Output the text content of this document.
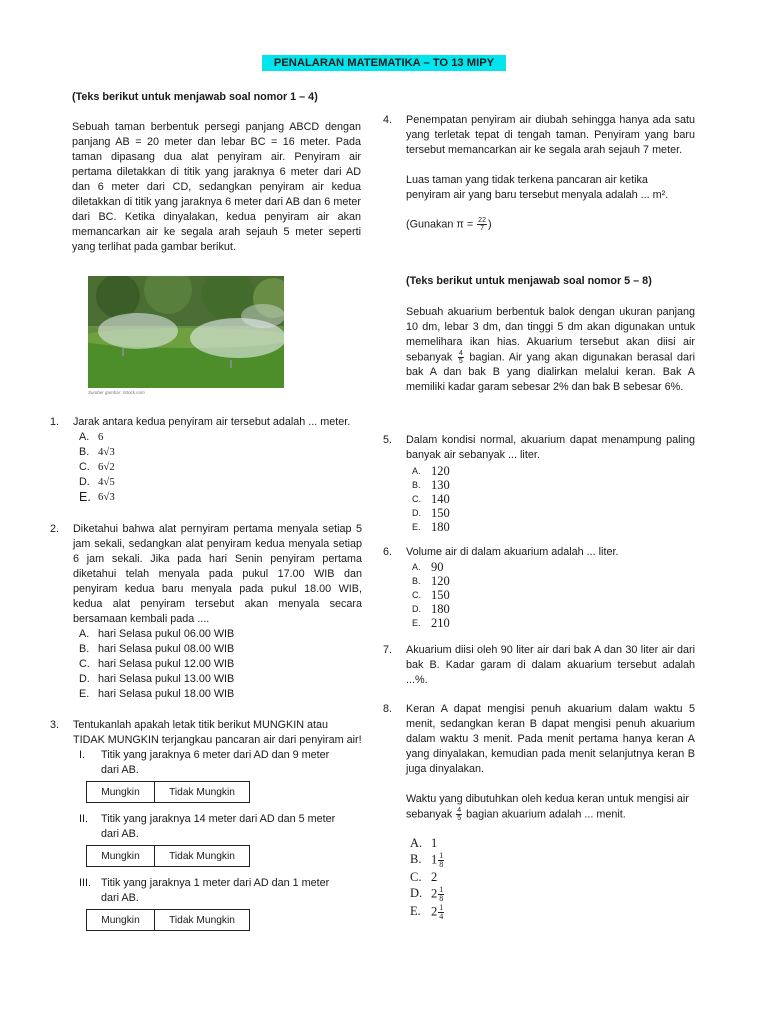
PENALARAN MATEMATIKA – TO 13 MIPY
(Teks berikut untuk menjawab soal nomor 1 – 4)
Sebuah taman berbentuk persegi panjang ABCD dengan panjang AB = 20 meter dan lebar BC = 16 meter. Pada taman dipasang dua alat penyiram air. Penyiram air pertama diletakkan di titik yang jaraknya 6 meter dari AD dan 6 meter dari CD, sedangkan penyiram air kedua diletakkan di titik yang jaraknya 6 meter dari AB dan 6 meter dari BC. Ketika dinyalakan, kedua penyiram air akan memancarkan air ke segala arah sejauh 5 meter seperti yang terlihat pada gambar berikut.
Sumber gambar: iStock.com
1. Jarak antara kedua penyiram air tersebut adalah ... meter.
A. 6
B. 4√3
C. 6√2
D. 4√5
E. 6√3
2. Diketahui bahwa alat pernyiram pertama menyala setiap 5 jam sekali, sedangkan alat penyiram kedua menyala setiap 6 jam sekali. Jika pada hari Senin penyiram pertama diketahui telah menyala pada pukul 17.00 WIB dan penyiram kedua baru menyala pada pukul 18.00 WIB, kedua alat penyiram tersebut akan menyala secara bersamaan kembali pada ....
A. hari Selasa pukul 06.00 WIB
B. hari Selasa pukul 08.00 WIB
C. hari Selasa pukul 12.00 WIB
D. hari Selasa pukul 13.00 WIB
E. hari Selasa pukul 18.00 WIB
3. Tentukanlah apakah letak titik berikut MUNGKIN atau TIDAK MUNGKIN terjangkau pancaran air dari penyiram air!
I. Titik yang jaraknya 6 meter dari AD dan 9 meter
dari AB.
Mungkin	Tidak Mungkin
II. Titik yang jaraknya 14 meter dari AD dan 5 meter
dari AB.
Mungkin	Tidak Mungkin
III. Titik yang jaraknya 1 meter dari AD dan 1 meter
dari AB.
Mungkin	Tidak Mungkin
4. Penempatan penyiram air diubah sehingga hanya ada satu yang terletak tepat di tengah taman. Penyiram yang baru tersebut memancarkan air ke segala arah sejauh 7 meter.
Luas taman yang tidak terkena pancaran air ketika penyiram air yang baru tersebut menyala adalah ... m².
(Gunakan $\pi = \frac{22}{7}$ )
(Teks berikut untuk menjawab soal nomor 5 – 8)
Sebuah akuarium berbentuk balok dengan ukuran panjang 10 dm, lebar 3 dm, dan tinggi 5 dm akan digunakan untuk memelihara ikan hias. Akuarium tersebut akan diisi air sebanyak $\frac{4}{5}$ bagian. Air yang akan digunakan berasal dari bak A dan bak B yang dialirkan melalui keran. Bak A memiliki kadar garam sebesar 2% dan bak B sebesar 6%.
5. Dalam kondisi normal, akuarium dapat menampung paling banyak air sebanyak ... liter.
A. 120
B. 130
C. 140
D. 150
E. 180
6. Volume air di dalam akuarium adalah ... liter.
A. 90
B. 120
C. 150
D. 180
E. 210
7. Akuarium diisi oleh 90 liter air dari bak A dan 30 liter air dari bak B. Kadar garam di dalam akuarium tersebut adalah ...%.
8. Keran A dapat mengisi penuh akuarium dalam waktu 5 menit, sedangkan keran B dapat mengisi penuh akuarium dalam waktu 3 menit. Pada menit pertama hanya keran A yang dinyalakan, kemudian pada menit selanjutnya keran B juga dinyalakan.
Waktu yang dibutuhkan oleh kedua keran untuk mengisi air sebanyak $\frac{4}{5}$ bagian akuarium adalah ... menit.
A. 1
B. $1 \frac{1}{8}$
C. 2
D. $2 \frac{1}{8}$
E. $2 \frac{1}{4}$
